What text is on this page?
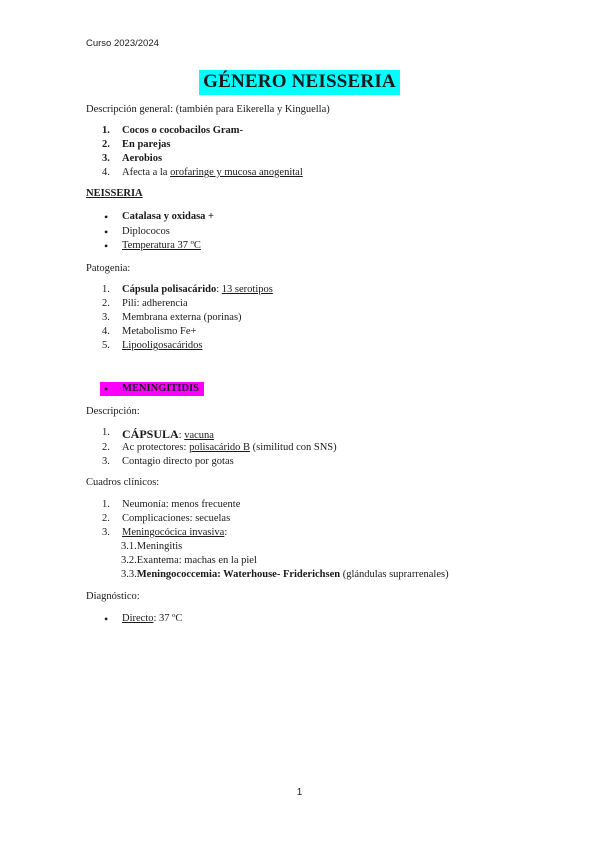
Curso 2023/2024
GÉNERO NEISSERIA
Descripción general: (también para Eikerella y Kinguella)
1.	Cocos o cocobacilos Gram-
2.	En parejas
3.	Aerobios
4.	Afecta a la orofaringe y mucosa anogenital
NEISSERIA
• Catalasa y oxidasa +
• Diplococos
• Temperatura 37 ºC
Patogenia:
1.	Cápsula polisacárido: 13 serotipos
2.	Pili: adherencia
3.	Membrana externa (porinas)
4.	Metabolismo Fe+
5.	Lipooligosacáridos
• MENINGITIDIS
Descripción:
1.	CÁPSULA: vacuna
2.	Ac protectores: polisacárido B (similitud con SNS)
3.	Contagio directo por gotas
Cuadros clínicos:
1.	Neumonía: menos frecuente
2.	Complicaciones: secuelas
3.	Meningocócica invasiva:
3.1.Meningitis
3.2.Exantema: machas en la piel
3.3.Meningococcemia: Waterhouse- Friderichsen (glándulas suprarrenales)
Diagnóstico:
• Directo: 37 ºC
1
